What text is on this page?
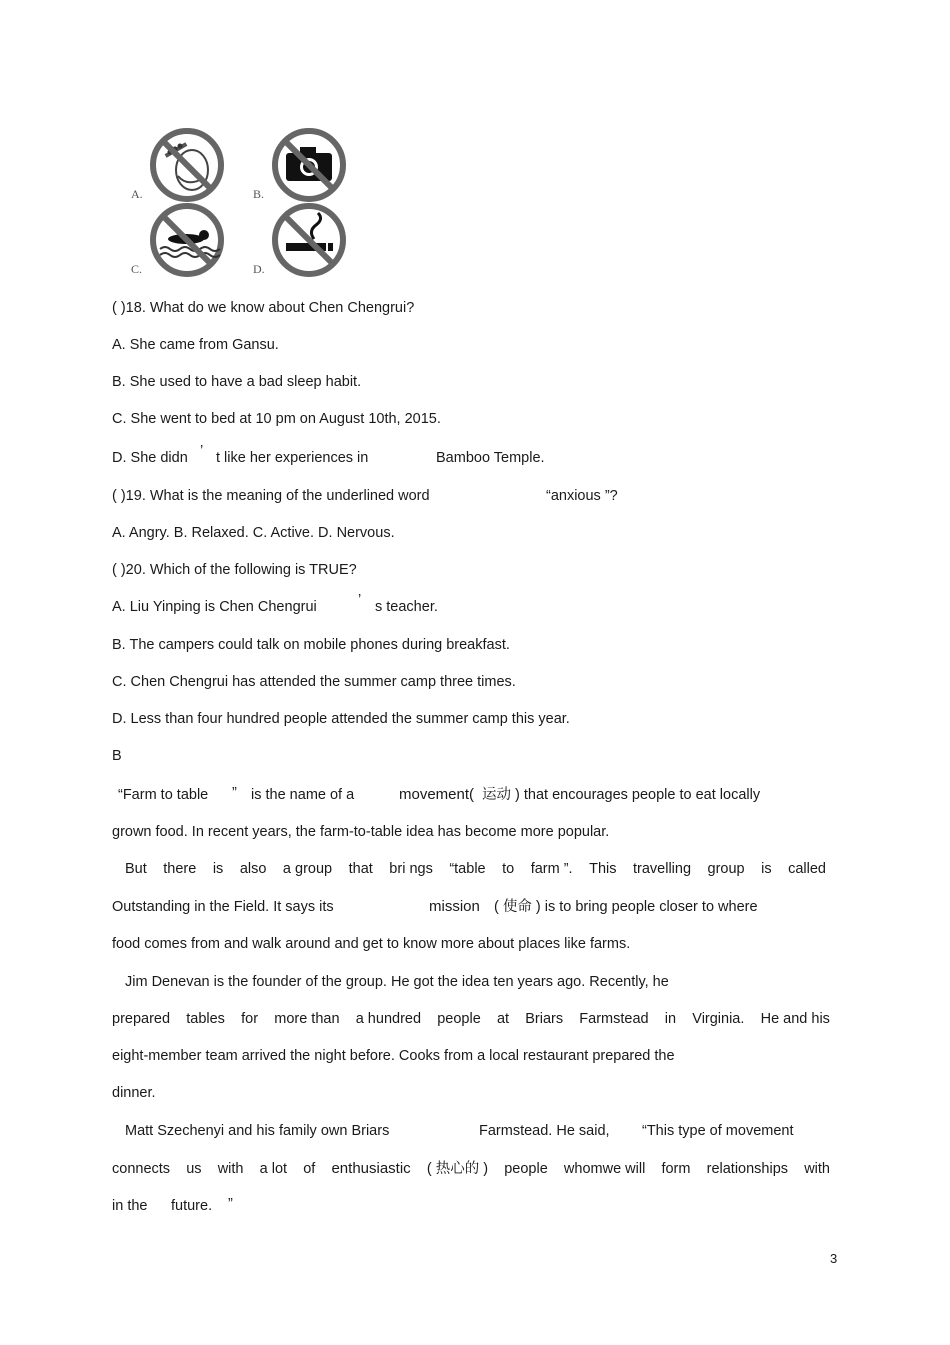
A.	B.
C.	D.
( )18. What do we know about Chen Chengrui?
A. She came from Gansu.
B. She used to have a bad sleep habit.
C. She went to bed at 10 pm on August 10th, 2015.
D. She didn ’ t like her experiences in	Bamboo Temple.
( )19. What is the meaning of the underlined word	“anxious ”?
A. Angry. B. Relaxed. C. Active. D. Nervous.
( )20. Which of the following is TRUE?
A. Liu Yinping is Chen Chengrui	’ s teacher.
B. The campers could talk on mobile phones during breakfast.
C. Chen Chengrui has attended the summer camp three times.
D. Less than four hundred people attended the summer camp this year.
B
“Farm to table ” is the name of a	movement( 运动 ) that encourages people to eat locally
grown food. In recent years, the farm-to-table idea has become more popular.
But there is also a group that bri ngs “table to farm ”. This travelling group is called
Outstanding in the Field. It says its	mission ( 使命 ) is to bring people closer to where
food comes from and walk around and get to know more about places like farms.
Jim Denevan is the founder of the group. He got the idea ten years ago. Recently, he
prepared tables for more than a hundred people at Briars Farmstead in Virginia. He and his
eight-member team arrived the night before. Cooks from a local restaurant prepared the
dinner.
Matt Szechenyi and his family own Briars	Farmstead. He said, “This type of movement
connects us with a lot of enthusiastic ( 热心的 ) people whomwe will form relationships with
in the future. ”
3
